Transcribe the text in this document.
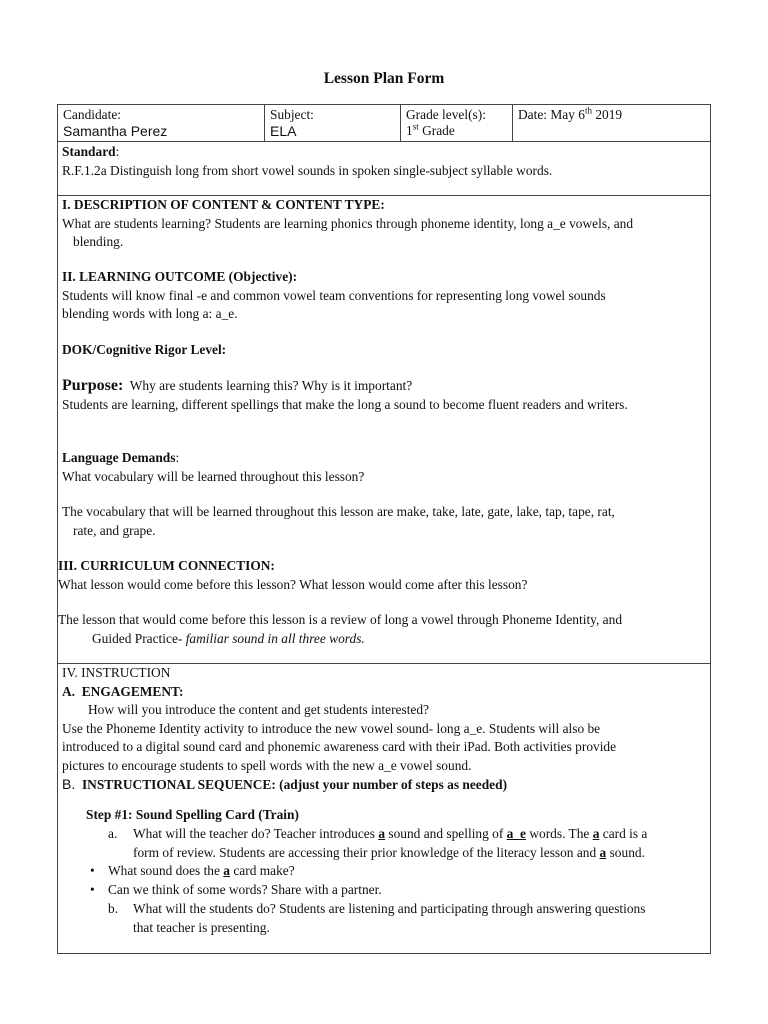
Lesson Plan Form
Candidate:
Samantha Perez

Subject:
ELA

Grade level(s):
1st Grade

Date: May 6th 2019
Standard:
R.F.1.2a Distinguish long from short vowel sounds in spoken single-subject syllable words.
I. DESCRIPTION OF CONTENT & CONTENT TYPE:
What are students learning? Students are learning phonics through phoneme identity, long a_e vowels, and
blending.
II. LEARNING OUTCOME (Objective):
Students will know final -e and common vowel team conventions for representing long vowel sounds
blending words with long a: a_e.
DOK/Cognitive Rigor Level:
Purpose: Why are students learning this? Why is it important?
Students are learning, different spellings that make the long a sound to become fluent readers and writers.
Language Demands:
What vocabulary will be learned throughout this lesson?
The vocabulary that will be learned throughout this lesson are make, take, late, gate, lake, tap, tape, rat,
rate, and grape.
III. CURRICULUM CONNECTION:
What lesson would come before this lesson? What lesson would come after this lesson?
The lesson that would come before this lesson is a review of long a vowel through Phoneme Identity, and
Guided Practice- familiar sound in all three words.
IV. INSTRUCTION
A. ENGAGEMENT:
How will you introduce the content and get students interested?
Use the Phoneme Identity activity to introduce the new vowel sound- long a_e. Students will also be
introduced to a digital sound card and phonemic awareness card with their iPad. Both activities provide
pictures to encourage students to spell words with the new a_e vowel sound.
B. INSTRUCTIONAL SEQUENCE: (adjust your number of steps as needed)
Step #1: Sound Spelling Card (Train)
a. What will the teacher do? Teacher introduces a sound and spelling of a_e words. The a card is a
form of review. Students are accessing their prior knowledge of the literacy lesson and a sound.
• What sound does the a card make?
• Can we think of some words? Share with a partner.
b. What will the students do? Students are listening and participating through answering questions
that teacher is presenting.
